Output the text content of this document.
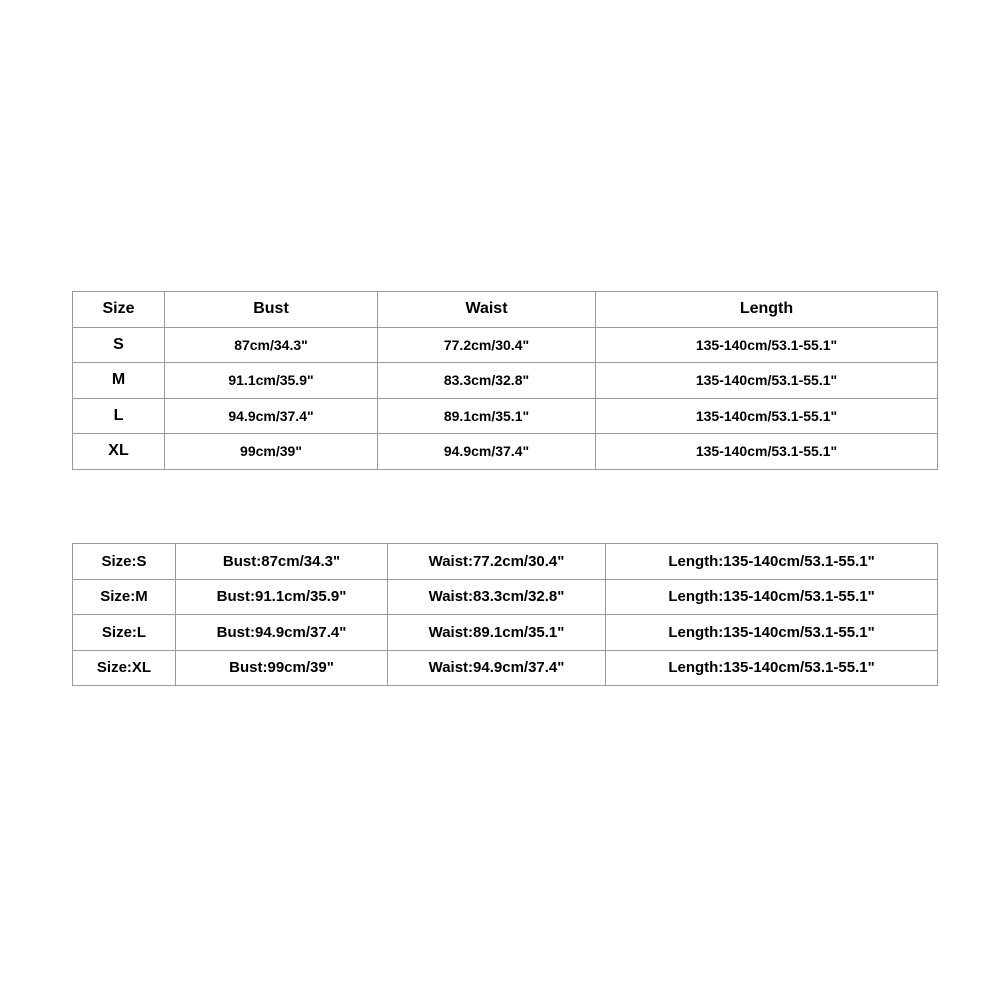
Size	Bust	Waist	Length
S	87cm/34.3"	77.2cm/30.4"	135-140cm/53.1-55.1"
M	91.1cm/35.9"	83.3cm/32.8"	135-140cm/53.1-55.1"
L	94.9cm/37.4"	89.1cm/35.1"	135-140cm/53.1-55.1"
XL	99cm/39"	94.9cm/37.4"	135-140cm/53.1-55.1"
Size:S	Bust:87cm/34.3"	Waist:77.2cm/30.4"	Length:135-140cm/53.1-55.1"
Size:M	Bust:91.1cm/35.9"	Waist:83.3cm/32.8"	Length:135-140cm/53.1-55.1"
Size:L	Bust:94.9cm/37.4"	Waist:89.1cm/35.1"	Length:135-140cm/53.1-55.1"
Size:XL	Bust:99cm/39"	Waist:94.9cm/37.4"	Length:135-140cm/53.1-55.1"
